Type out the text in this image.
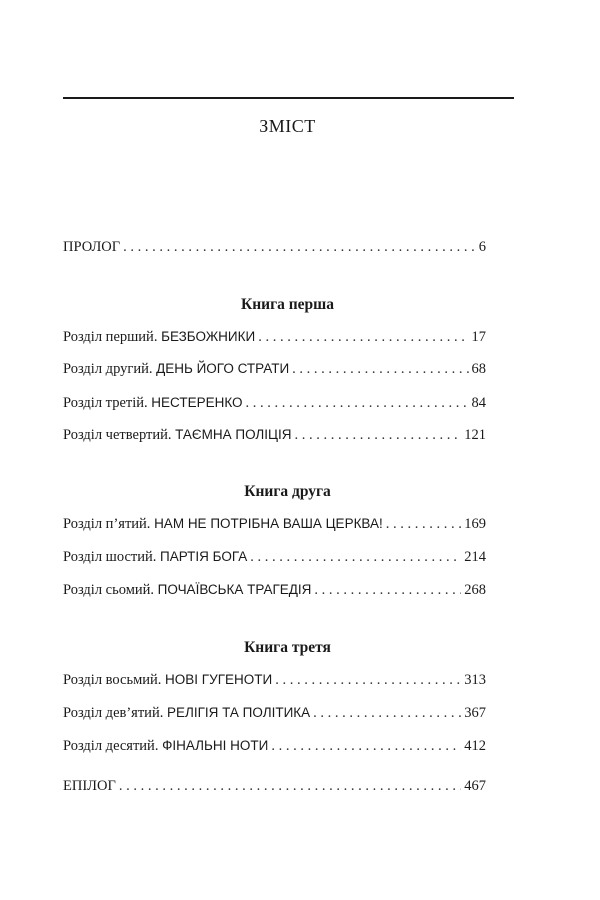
ЗМІСТ
ПРОЛОГ . . .	6
Книга перша
Розділ перший. БЕЗБОЖНИКИ . . .	17
Розділ другий. ДЕНЬ ЙОГО СТРАТИ . . .	68
Розділ третій. НЕСТЕРЕНКО . . .	84
Розділ четвертий. ТАЄМНА ПОЛІЦІЯ . . .	121
Книга друга
Розділ п’ятий. НАМ НЕ ПОТРІБНА ВАША ЦЕРКВА! . . .	169
Розділ шостий. ПАРТІЯ БОГА . . .	214
Розділ сьомий. ПОЧАЇВСЬКА ТРАГЕДІЯ . . .	268
Книга третя
Розділ восьмий. НОВІ ГУГЕНОТИ . . .	313
Розділ дев’ятий. РЕЛІГІЯ ТА ПОЛІТИКА . . .	367
Розділ десятий. ФІНАЛЬНІ НОТИ . . .	412
ЕПІЛОГ . . .	467
